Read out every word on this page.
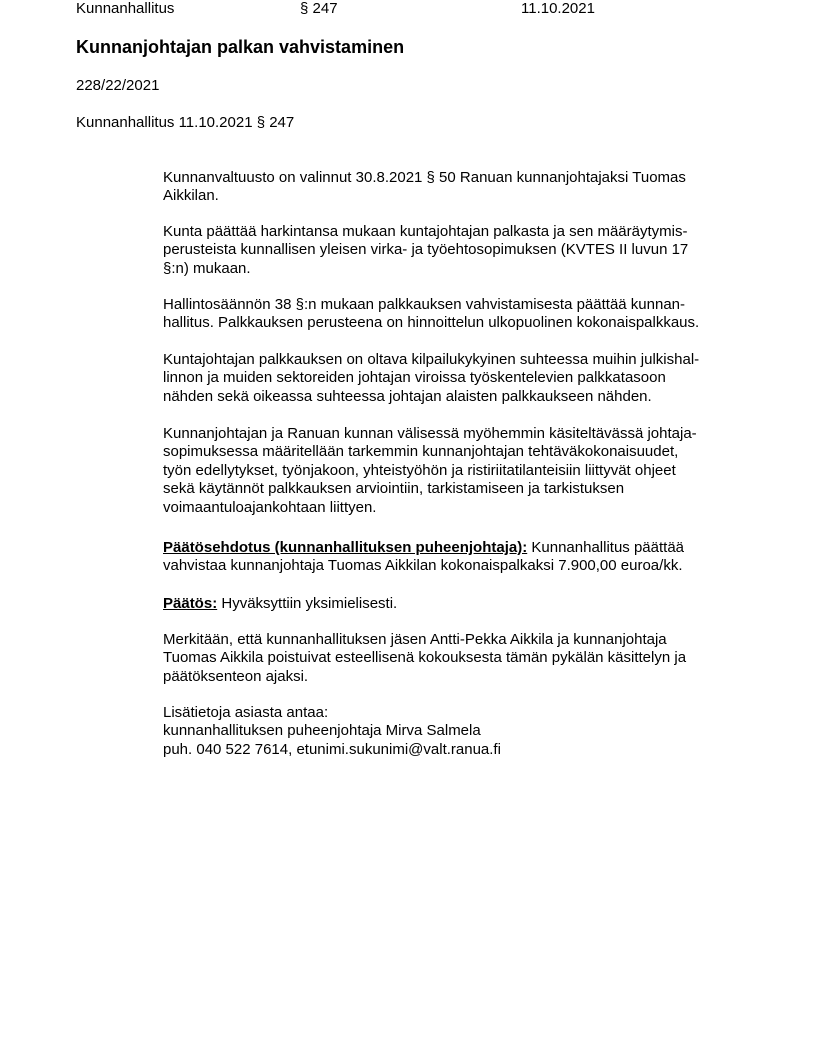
Kunnanhallitus	§ 247	11.10.2021
Kunnanjohtajan palkan vahvistaminen
228/22/2021
Kunnanhallitus 11.10.2021 § 247
Kunnanvaltuusto on valinnut 30.8.2021 § 50 Ranuan kunnanjohtajaksi Tuomas
Aikkilan.
Kunta päättää harkintansa mukaan kuntajohtajan palkasta ja sen määräytymis-
perusteista kunnallisen yleisen virka- ja työehtosopimuksen (KVTES II luvun 17
§:n) mukaan.
Hallintosäännön 38 §:n mukaan palkkauksen vahvistamisesta päättää kunnan-
hallitus. Palkkauksen perusteena on hinnoittelun ulkopuolinen kokonaispalkkaus.
Kuntajohtajan palkkauksen on oltava kilpailukykyinen suhteessa muihin julkishal-
linnon ja muiden sektoreiden johtajan viroissa työskentelevien palkkatasoon
nähden sekä oikeassa suhteessa johtajan alaisten palkkaukseen nähden.
Kunnanjohtajan ja Ranuan kunnan välisessä myöhemmin käsiteltävässä johtaja-
sopimuksessa määritellään tarkemmin kunnanjohtajan tehtäväkokonaisuudet,
työn edellytykset, työnjakoon, yhteistyöhön ja ristiriitatilanteisiin liittyvät ohjeet
sekä käytännöt palkkauksen arviointiin, tarkistamiseen ja tarkistuksen
voimaantuloajankohtaan liittyen.
Päätösehdotus (kunnanhallituksen puheenjohtaja): Kunnanhallitus päättää
vahvistaa kunnanjohtaja Tuomas Aikkilan kokonaispalkaksi 7.900,00 euroa/kk.
Päätös: Hyväksyttiin yksimielisesti.
Merkitään, että kunnanhallituksen jäsen Antti-Pekka Aikkila ja kunnanjohtaja
Tuomas Aikkila poistuivat esteellisenä kokouksesta tämän pykälän käsittelyn ja
päätöksenteon ajaksi.
Lisätietoja asiasta antaa:
kunnanhallituksen puheenjohtaja Mirva Salmela
puh. 040 522 7614, etunimi.sukunimi@valt.ranua.fi
